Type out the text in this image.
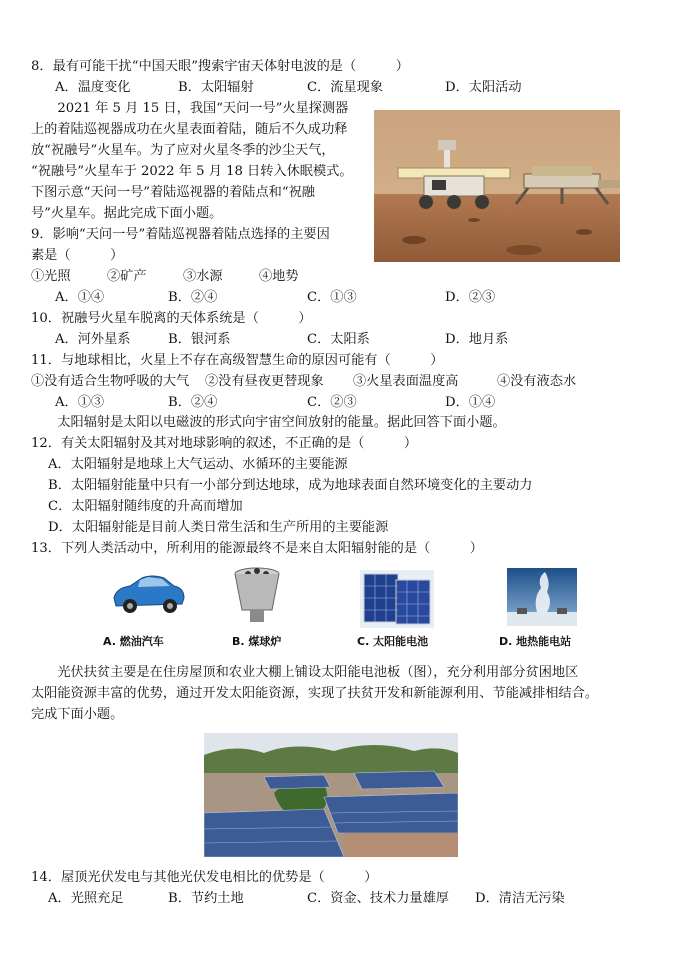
8．最有可能干扰“中国天眼”搜索宇宙天体射电波的是（　　　）
A．温度变化	B．太阳辐射	C．流星现象	D．太阳活动
　　2021 年 5 月 15 日，我国“天问一号”火星探测器
上的着陆巡视器成功在火星表面着陆，随后不久成功释
放“祝融号”火星车。为了应对火星冬季的沙尘天气，
“祝融号”火星车于 2022 年 5 月 18 日转入休眠模式。
下图示意“天问一号”着陆巡视器的着陆点和“祝融
号”火星车。据此完成下面小题。
9．影响“天问一号”着陆巡视器着陆点选择的主要因
素是（　　　）
①光照	②矿产	③水源	④地势
A．①④	B．②④	C．①③	D．②③
10．祝融号火星车脱离的天体系统是（　　　）
A．河外星系	B．银河系	C．太阳系	D．地月系
11．与地球相比，火星上不存在高级智慧生命的原因可能有（　　　）
①没有适合生物呼吸的大气 ②没有昼夜更替现象 ③火星表面温度高	④没有液态水
A．①③	B．②④	C．②③	D．①④
　　太阳辐射是太阳以电磁波的形式向宇宙空间放射的能量。据此回答下面小题。
12．有关太阳辐射及其对地球影响的叙述，不正确的是（　　　）
A．太阳辐射是地球上大气运动、水循环的主要能源
B．太阳辐射能量中只有一小部分到达地球，成为地球表面自然环境变化的主要动力
C．太阳辐射随纬度的升高而增加
D．太阳辐射能是目前人类日常生活和生产所用的主要能源
13．下列人类活动中，所利用的能源最终不是来自太阳辐射能的是（　　　）
A. 燃油汽车	B. 煤球炉	C. 太阳能电池	D. 地热能电站
　　光伏扶贫主要是在住房屋顶和农业大棚上铺设太阳能电池板（图），充分利用部分贫困地区
太阳能资源丰富的优势，通过开发太阳能资源，实现了扶贫开发和新能源利用、节能减排相结合。
完成下面小题。
14．屋顶光伏发电与其他光伏发电相比的优势是（　　　）
A．光照充足	B．节约土地	C．资金、技术力量雄厚 D．清洁无污染
